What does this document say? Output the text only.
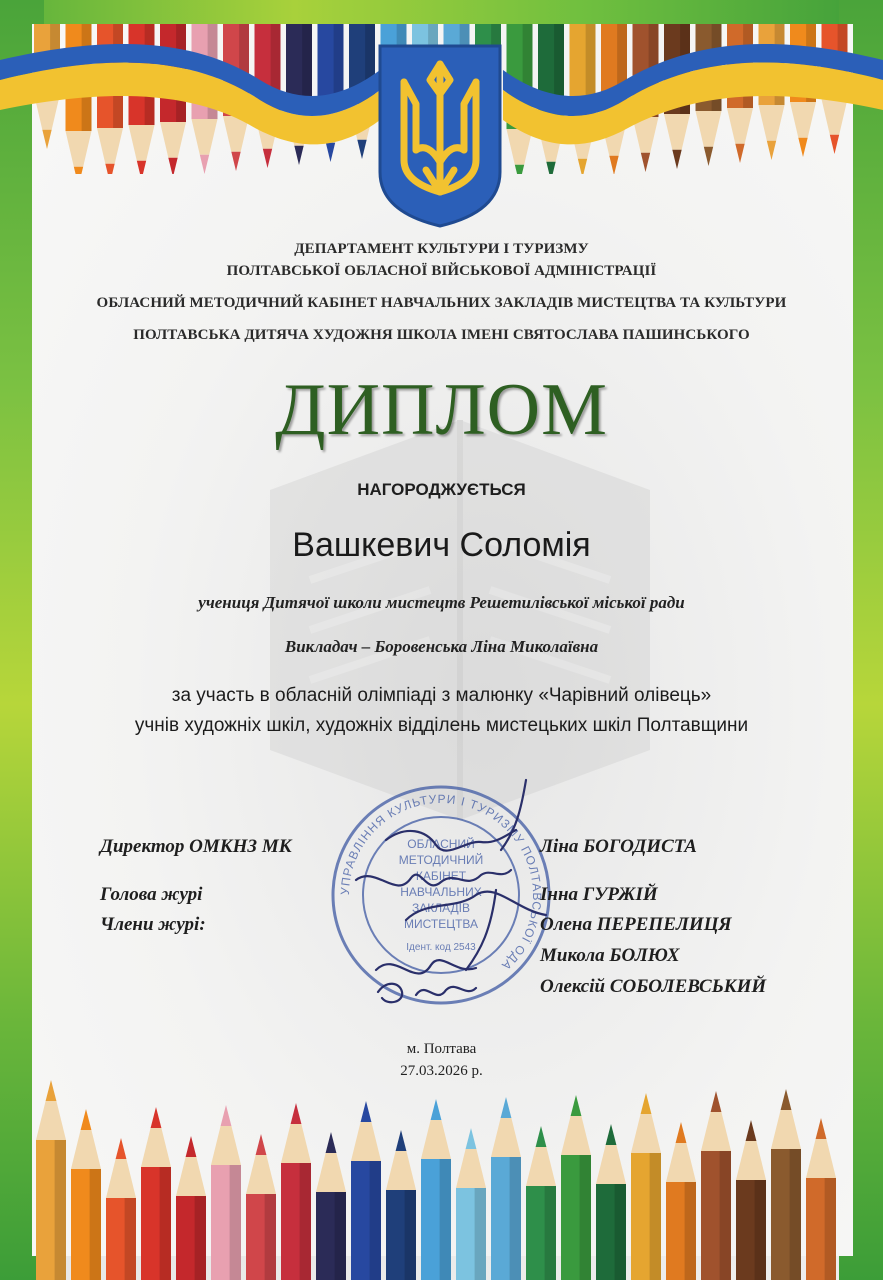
ДЕПАРТАМЕНТ КУЛЬТУРИ І ТУРИЗМУ
ПОЛТАВСЬКОЇ ОБЛАСНОЇ ВІЙСЬКОВОЇ АДМІНІСТРАЦІЇ
ОБЛАСНИЙ МЕТОДИЧНИЙ КАБІНЕТ НАВЧАЛЬНИХ ЗАКЛАДІВ МИСТЕЦТВА ТА КУЛЬТУРИ
ПОЛТАВСЬКА ДИТЯЧА ХУДОЖНЯ ШКОЛА ІМЕНІ СВЯТОСЛАВА ПАШИНСЬКОГО
ДИПЛОМ
НАГОРОДЖУЄТЬСЯ
Вашкевич Соломія
учениця Дитячої школи мистецтв Решетилівської міської ради
Викладач – Боровенська Ліна Миколаївна
за участь в обласній олімпіаді з малюнку «Чарівний олівець»
учнів художніх шкіл, художніх відділень мистецьких шкіл Полтавщини
УПРАВЛІННЯ КУЛЬТУРИ І ТУРИЗМУ ПОЛТАВСЬКОЇ ОДА
ОБЛАСНИЙ
МЕТОДИЧНИЙ
КАБІНЕТ
НАВЧАЛЬНИХ
ЗАКЛАДІВ
МИСТЕЦТВА
Ідент. код 2543
Директор ОМКНЗ МК	Ліна БОГОДИСТА
Голова журі	Інна ГУРЖІЙ
Члени журі:	Олена ПЕРЕПЕЛИЦЯ
Микола БОЛЮХ
Олексій СОБОЛЕВСЬКИЙ
м. Полтава
27.03.2026 р.
